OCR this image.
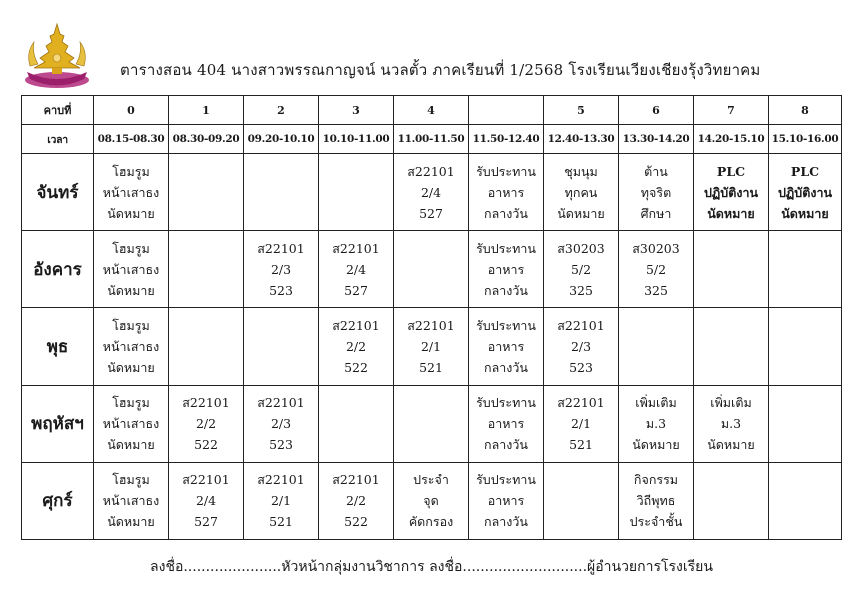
ตารางสอน 404 นางสาวพรรณกาญจน์ นวลตั้ว ภาคเรียนที่ 1/2568 โรงเรียนเวียงเชียงรุ้งวิทยาคม
คาบที่	0	1	2	3	4		5	6	7	8
เวลา	08.15-08.30	08.30-09.20	09.20-10.10	10.10-11.00	11.00-11.50	11.50-12.40	12.40-13.30	13.30-14.20	14.20-15.10	15.10-16.00
จันทร์	โฮมรูม
หน้าเสาธง
นัดหมาย				ส22101
2/4
527	รับประทาน
อาหาร
กลางวัน	ชุมนุม
ทุกคน
นัดหมาย	ต้าน
ทุจริต
ศึกษา	PLC
ปฏิบัติงาน
นัดหมาย	PLC
ปฏิบัติงาน
นัดหมาย

อังคาร	โฮมรูม
หน้าเสาธง
นัดหมาย		ส22101
2/3
523	ส22101
2/4
527		รับประทาน
อาหาร
กลางวัน	ส30203
5/2
325	ส30203
5/2
325		

พุธ	โฮมรูม
หน้าเสาธง
นัดหมาย			ส22101
2/2
522	ส22101
2/1
521	รับประทาน
อาหาร
กลางวัน	ส22101
2/3
523			

พฤหัสฯ	โฮมรูม
หน้าเสาธง
นัดหมาย	ส22101
2/2
522	ส22101
2/3
523			รับประทาน
อาหาร
กลางวัน	ส22101
2/1
521	เพิ่มเติม
ม.3
นัดหมาย	เพิ่มเติม
ม.3
นัดหมาย	

ศุกร์	โฮมรูม
หน้าเสาธง
นัดหมาย	ส22101
2/4
527	ส22101
2/1
521	ส22101
2/2
522	ประจำ
จุด
คัดกรอง	รับประทาน
อาหาร
กลางวัน		กิจกรรม
วิถีพุทธ
ประจำชั้น		

ลงชื่อ......................หัวหน้ากลุ่มงานวิชาการ ลงชื่อ............................ผู้อำนวยการโรงเรียน
